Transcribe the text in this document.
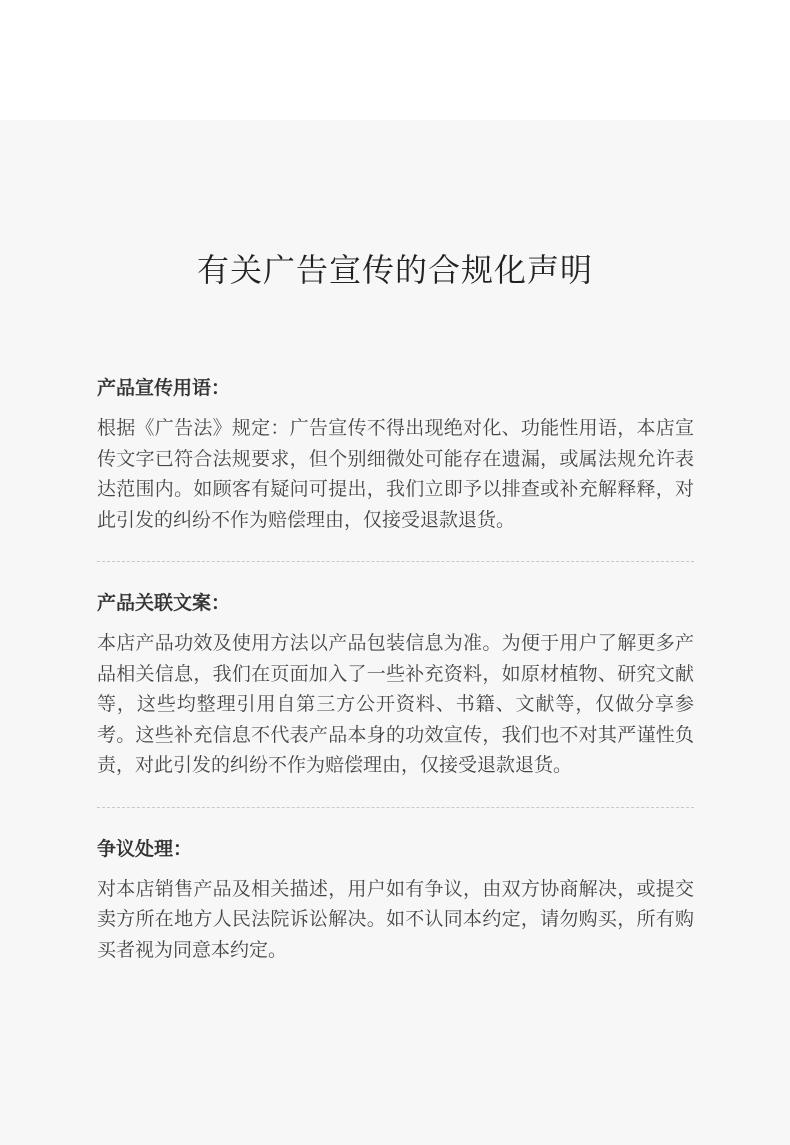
有关广告宣传的合规化声明

产品宣传用语：

根据《广告法》规定：广告宣传不得出现绝对化、功能性用语，本店宣传文字已符合法规要求，但个别细微处可能存在遗漏，或属法规允许表达范围内。如顾客有疑问可提出，我们立即予以排查或补充解释释，对此引发的纠纷不作为赔偿理由，仅接受退款退货。

产品关联文案：

本店产品功效及使用方法以产品包装信息为准。为便于用户了解更多产品相关信息，我们在页面加入了一些补充资料，如原材植物、研究文献等，这些均整理引用自第三方公开资料、书籍、文献等，仅做分享参考。这些补充信息不代表产品本身的功效宣传，我们也不对其严谨性负责，对此引发的纠纷不作为赔偿理由，仅接受退款退货。

争议处理：

对本店销售产品及相关描述，用户如有争议，由双方协商解决，或提交卖方所在地方人民法院诉讼解决。如不认同本约定，请勿购买，所有购买者视为同意本约定。
